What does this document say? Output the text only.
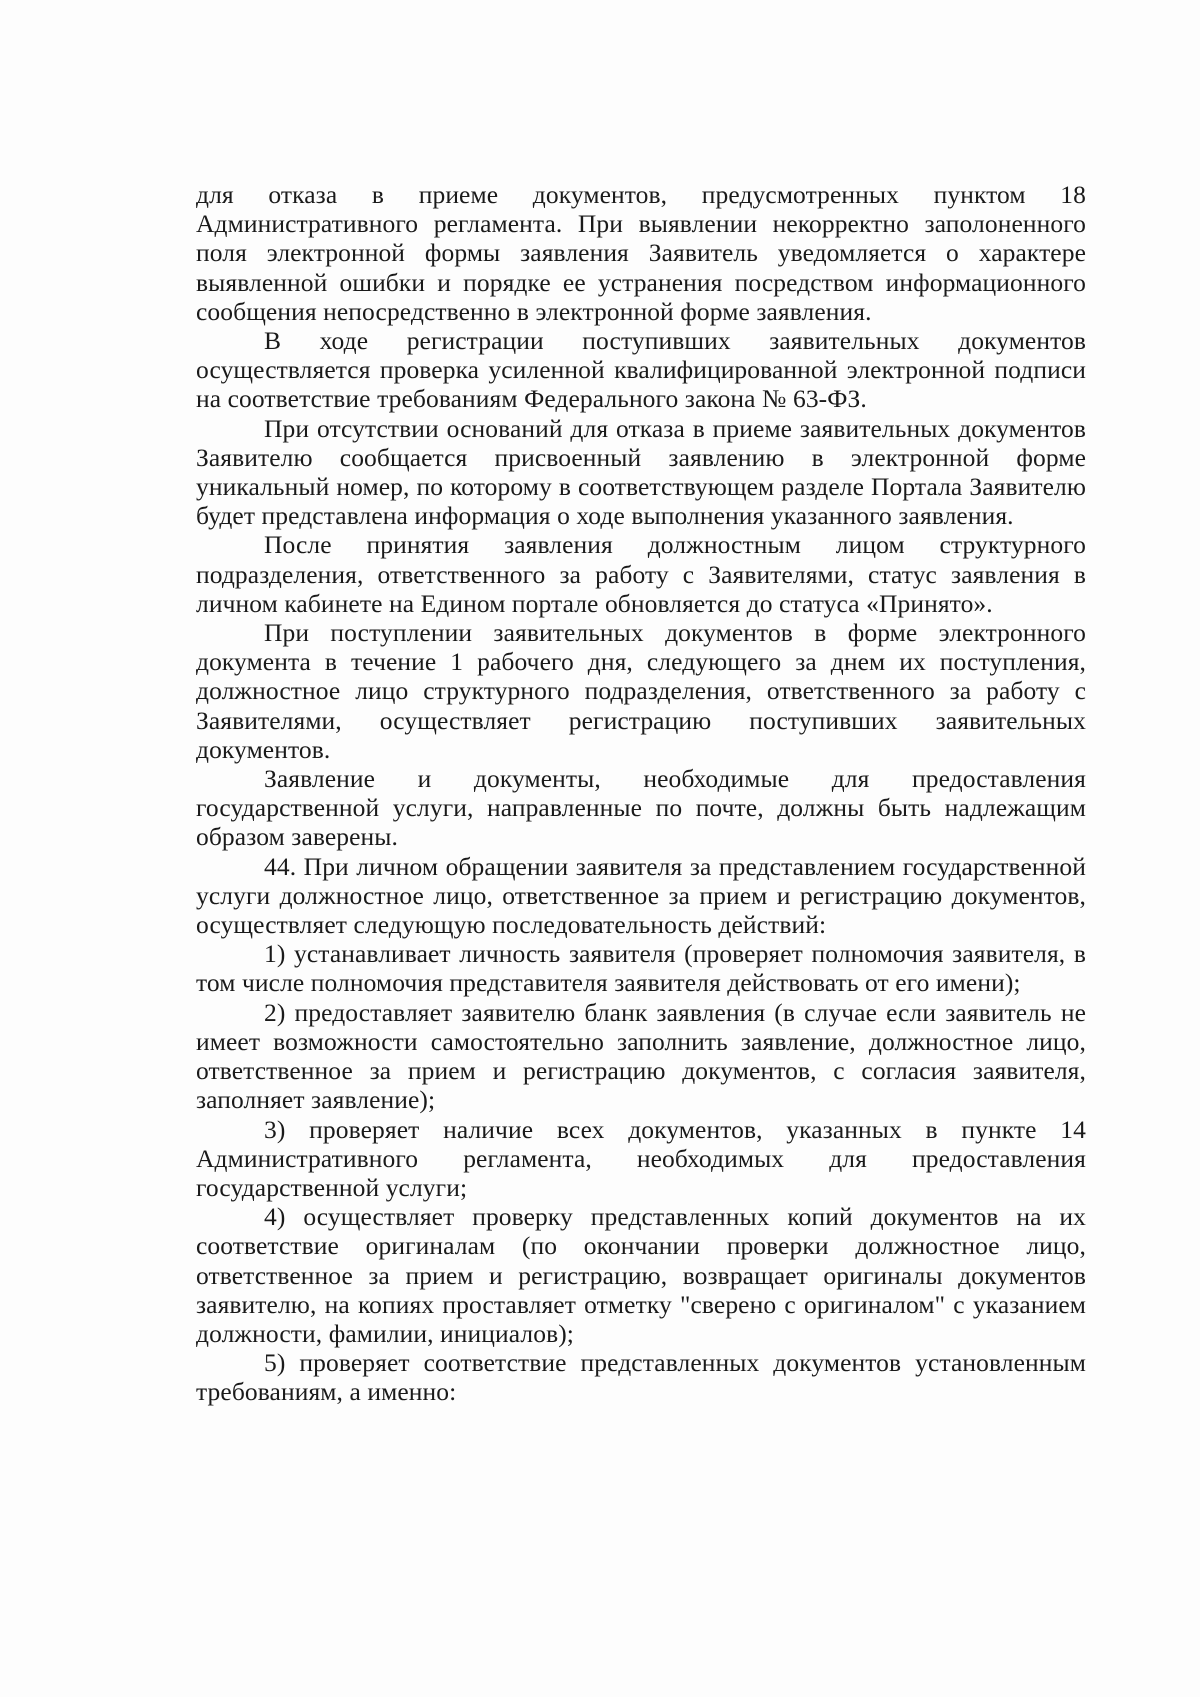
для отказа в приеме документов, предусмотренных пунктом 18 Административного регламента. При выявлении некорректно заполоненного поля электронной формы заявления Заявитель уведомляется о характере выявленной ошибки и порядке ее устранения посредством информационного сообщения непосредственно в электронной форме заявления.

В ходе регистрации поступивших заявительных документов осуществляется проверка усиленной квалифицированной электронной подписи на соответствие требованиям Федерального закона № 63-ФЗ.

При отсутствии оснований для отказа в приеме заявительных документов Заявителю сообщается присвоенный заявлению в электронной форме уникальный номер, по которому в соответствующем разделе Портала Заявителю будет представлена информация о ходе выполнения указанного заявления.

После принятия заявления должностным лицом структурного подразделения, ответственного за работу с Заявителями, статус заявления в личном кабинете на Едином портале обновляется до статуса «Принято».

При поступлении заявительных документов в форме электронного документа в течение 1 рабочего дня, следующего за днем их поступления, должностное лицо структурного подразделения, ответственного за работу с Заявителями, осуществляет регистрацию поступивших заявительных документов.

Заявление и документы, необходимые для предоставления государственной услуги, направленные по почте, должны быть надлежащим образом заверены.

44. При личном обращении заявителя за представлением государственной услуги должностное лицо, ответственное за прием и регистрацию документов, осуществляет следующую последовательность действий:

1) устанавливает личность заявителя (проверяет полномочия заявителя, в том числе полномочия представителя заявителя действовать от его имени);

2) предоставляет заявителю бланк заявления (в случае если заявитель не имеет возможности самостоятельно заполнить заявление, должностное лицо, ответственное за прием и регистрацию документов, с согласия заявителя, заполняет заявление);

3) проверяет наличие всех документов, указанных в пункте 14 Административного регламента, необходимых для предоставления государственной услуги;

4) осуществляет проверку представленных копий документов на их соответствие оригиналам (по окончании проверки должностное лицо, ответственное за прием и регистрацию, возвращает оригиналы документов заявителю, на копиях проставляет отметку "сверено с оригиналом" с указанием должности, фамилии, инициалов);

5) проверяет соответствие представленных документов установленным требованиям, а именно:
